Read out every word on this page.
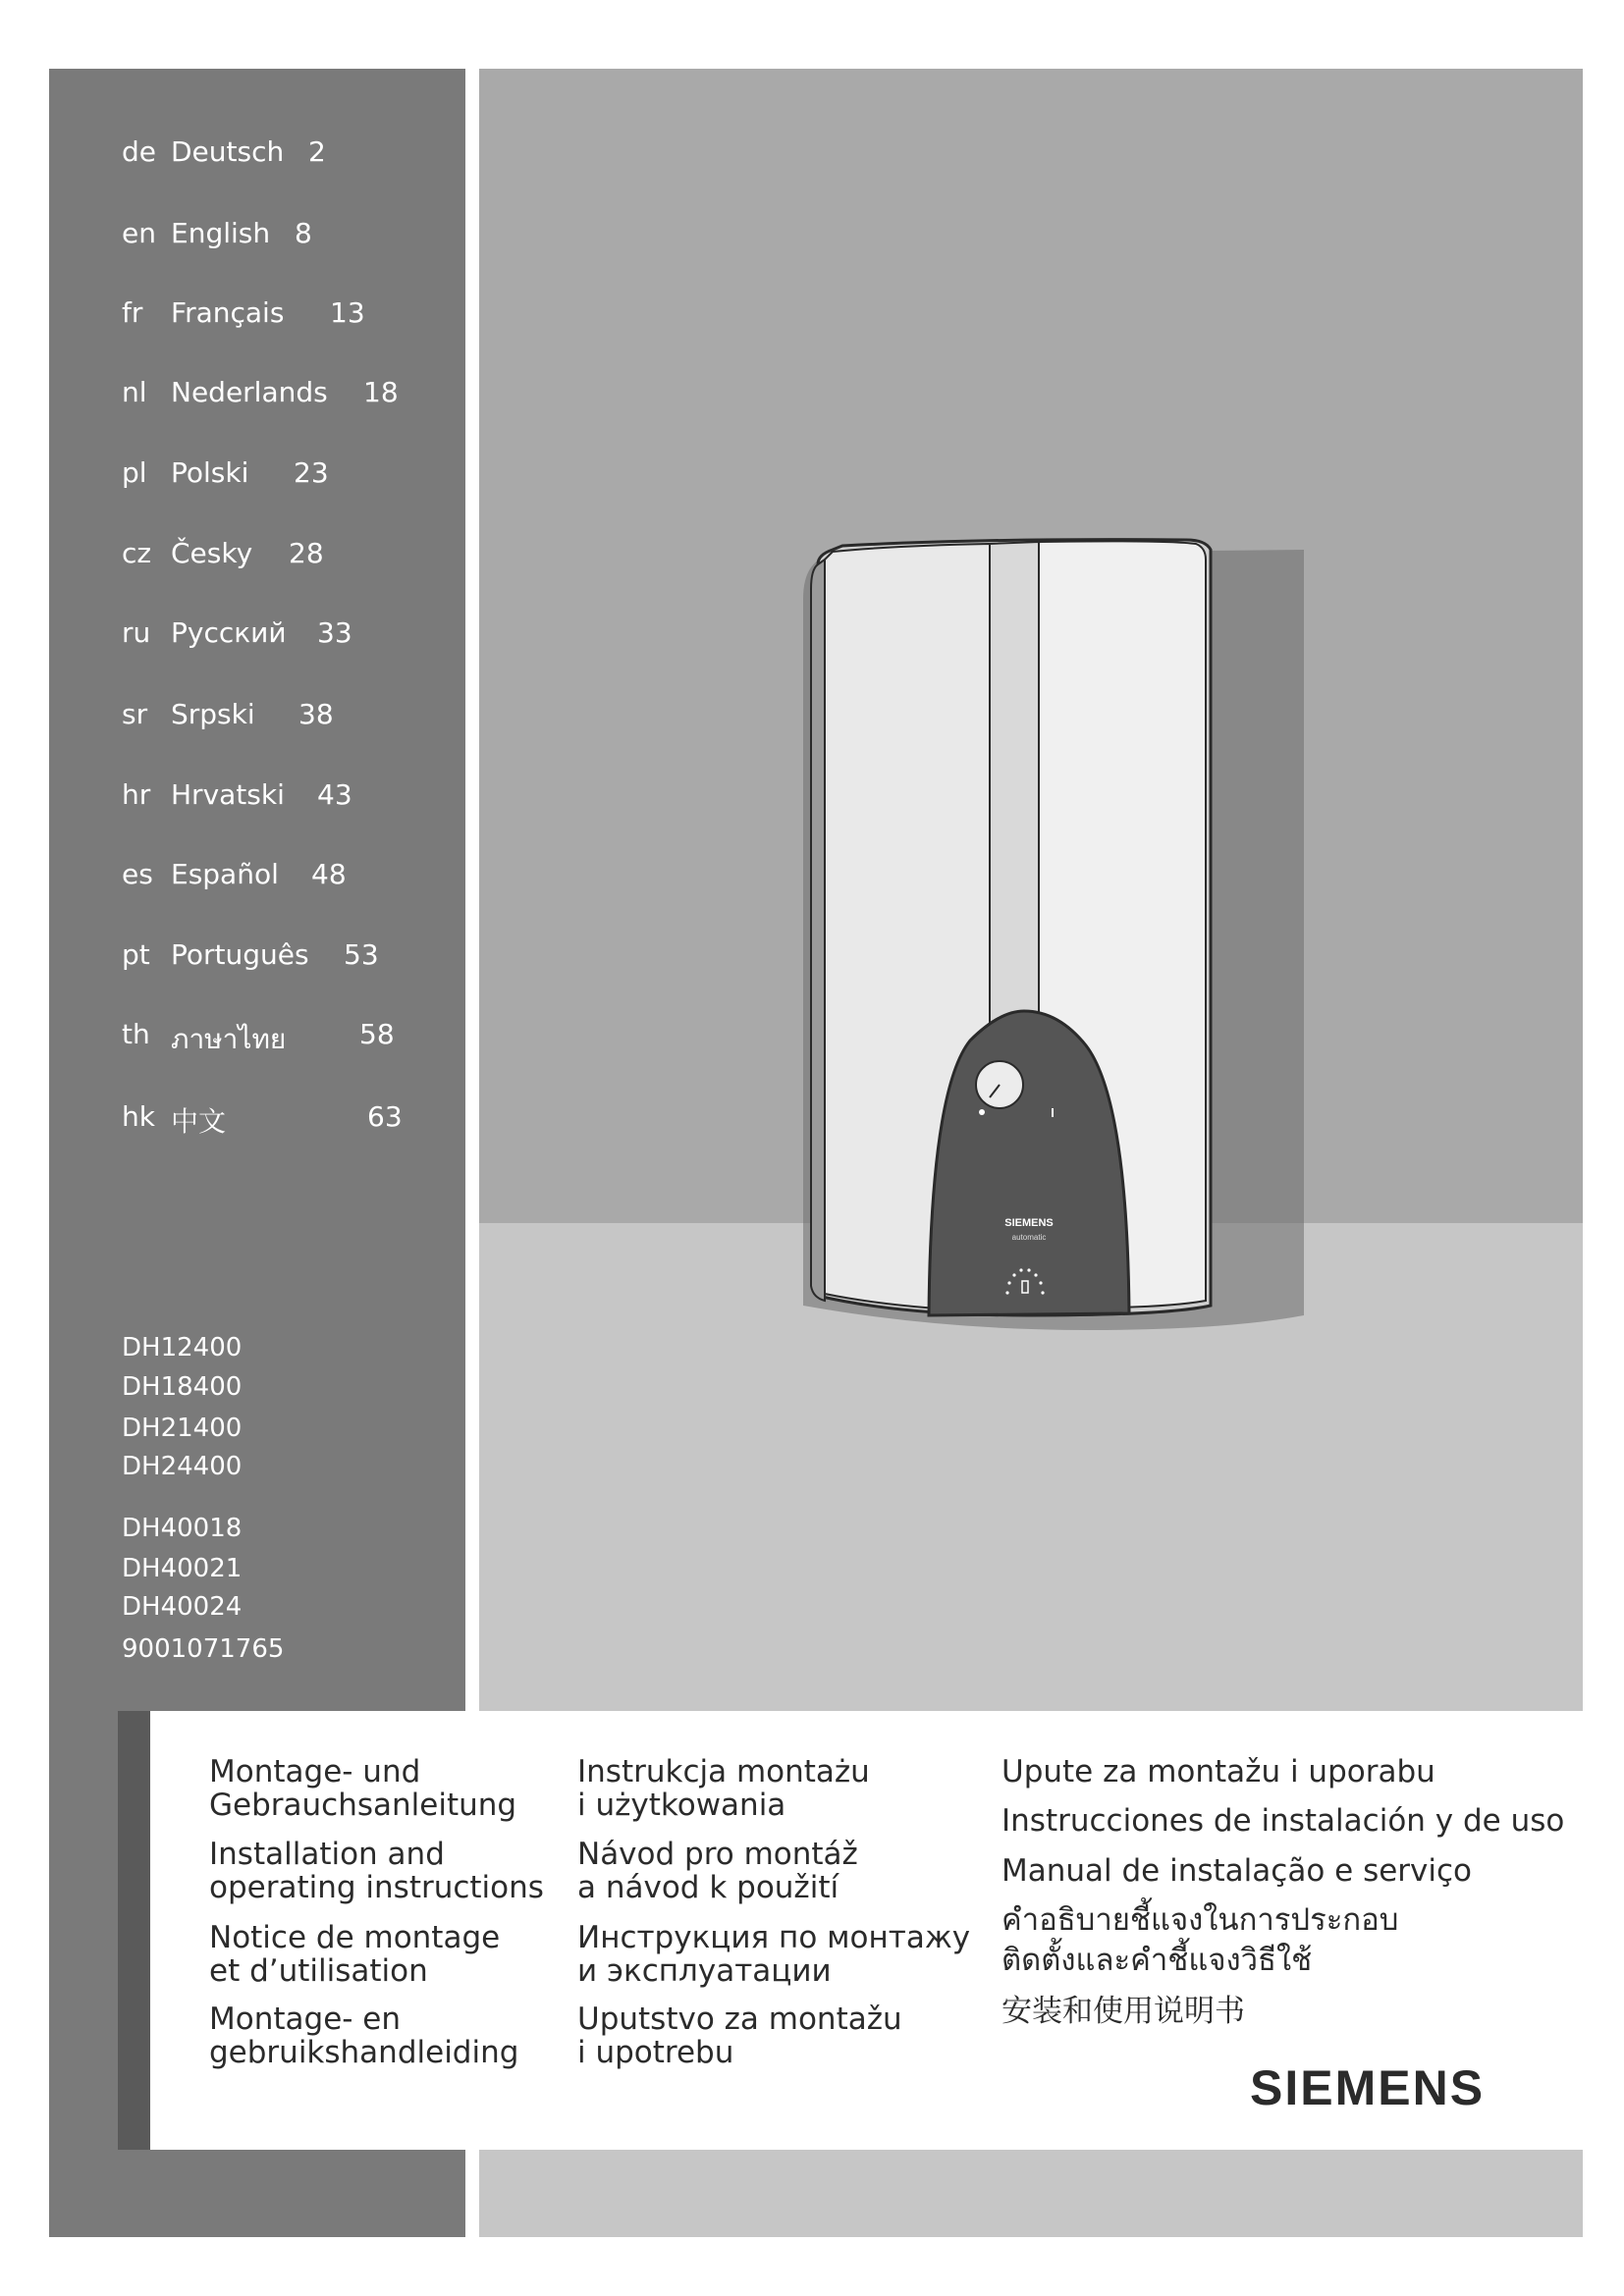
SIEMENS
automatic
de Deutsch 2
en English 8
fr	Français 13
nl Nederlands 18
pl Polski 23
cz Česky 28
ru Русский 33
sr Srpski 38
hr Hrvatski 43
es Español 48
pt Português 53
th ภาษาไทย	58
hk 中文	63
DH12400
DH18400
DH21400
DH24400
DH40018
DH40021
DH40024
9001071765
Montage- und
Gebrauchsanleitung
Installation and
operating instructions
Notice de montage
et d’utilisation
Montage- en
gebruikshandleiding
Instrukcja montażu
i użytkowania
Návod pro montáž
a návod k použití
Инструкция по монтажу
и эксплуатации
Uputstvo za montažu
i upotrebu
Upute za montažu i uporabu
Instrucciones de instalación y de uso
Manual de instalação e serviço
คำอธิบายชี้แจงในการประกอบ
ติดตั้งและคำชี้แจงวิธีใช้
安装和使用说明书
SIEMENS
